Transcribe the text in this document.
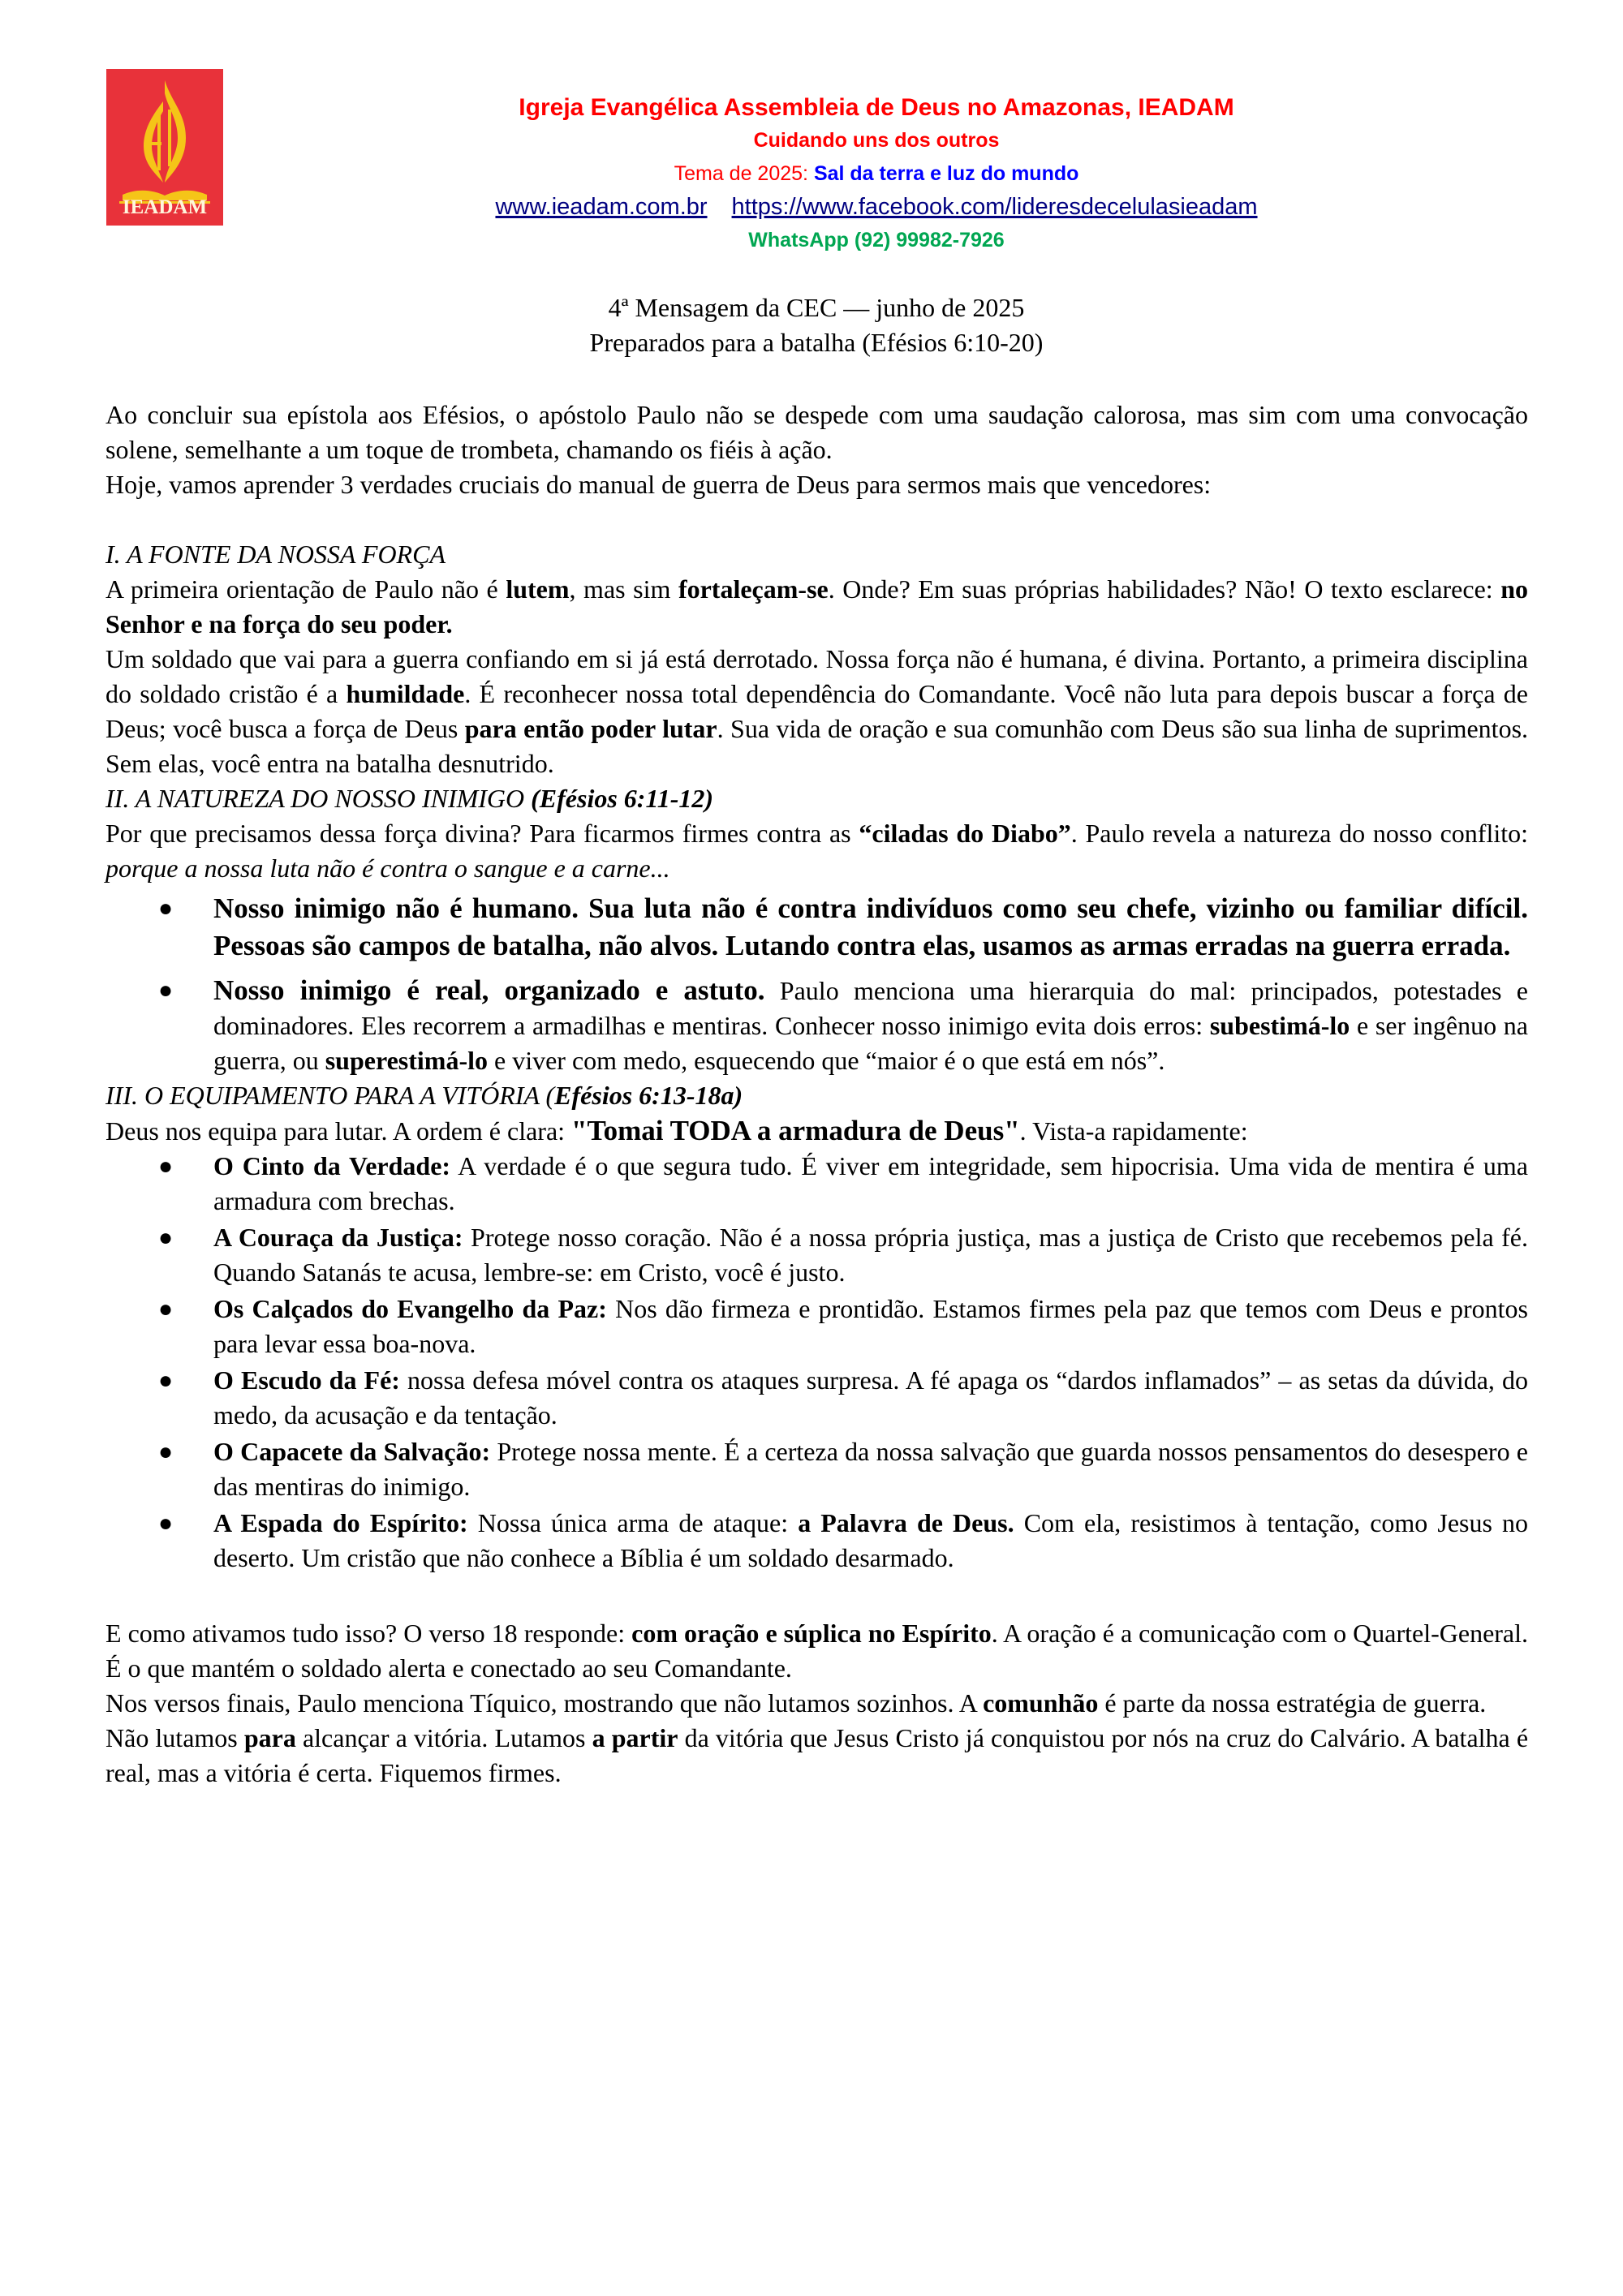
IEADAM
Igreja Evangélica Assembleia de Deus no Amazonas, IEADAM
Cuidando uns dos outros
Tema de 2025: Sal da terra e luz do mundo
www.ieadam.com.br https://www.facebook.com/lideresdecelulasieadam
WhatsApp (92) 99982-7926
4ª Mensagem da CEC — junho de 2025
Preparados para a batalha (Efésios 6:10-20)

Ao concluir sua epístola aos Efésios, o apóstolo Paulo não se despede com uma saudação calorosa, mas sim com uma convocação solene, semelhante a um toque de trombeta, chamando os fiéis à ação.

Hoje, vamos aprender 3 verdades cruciais do manual de guerra de Deus para sermos mais que vencedores:

I. A FONTE DA NOSSA FORÇA

A primeira orientação de Paulo não é lutem, mas sim fortaleçam-se. Onde? Em suas próprias habilidades? Não! O texto esclarece: no Senhor e na força do seu poder.

Um soldado que vai para a guerra confiando em si já está derrotado. Nossa força não é humana, é divina. Portanto, a primeira disciplina do soldado cristão é a humildade. É reconhecer nossa total dependência do Comandante. Você não luta para depois buscar a força de Deus; você busca a força de Deus para então poder lutar. Sua vida de oração e sua comunhão com Deus são sua linha de suprimentos. Sem elas, você entra na batalha desnutrido.

II. A NATUREZA DO NOSSO INIMIGO (Efésios 6:11-12)

Por que precisamos dessa força divina? Para ficarmos firmes contra as “ciladas do Diabo”. Paulo revela a natureza do nosso conflito: porque a nossa luta não é contra o sangue e a carne...

● Nosso inimigo não é humano. Sua luta não é contra indivíduos como seu chefe, vizinho ou familiar difícil. Pessoas são campos de batalha, não alvos. Lutando contra elas, usamos as armas erradas na guerra errada.
● Nosso inimigo é real, organizado e astuto. Paulo menciona uma hierarquia do mal: principados, potestades e dominadores. Eles recorrem a armadilhas e mentiras. Conhecer nosso inimigo evita dois erros: subestimá-lo e ser ingênuo na guerra, ou superestimá-lo e viver com medo, esquecendo que “maior é o que está em nós”.

III. O EQUIPAMENTO PARA A VITÓRIA (Efésios 6:13-18a)

Deus nos equipa para lutar. A ordem é clara: "Tomai TODA a armadura de Deus". Vista-a rapidamente:

● O Cinto da Verdade: A verdade é o que segura tudo. É viver em integridade, sem hipocrisia. Uma vida de mentira é uma armadura com brechas.
● A Couraça da Justiça: Protege nosso coração. Não é a nossa própria justiça, mas a justiça de Cristo que recebemos pela fé. Quando Satanás te acusa, lembre-se: em Cristo, você é justo.
● Os Calçados do Evangelho da Paz: Nos dão firmeza e prontidão. Estamos firmes pela paz que temos com Deus e prontos para levar essa boa-nova.
● O Escudo da Fé: nossa defesa móvel contra os ataques surpresa. A fé apaga os “dardos inflamados” – as setas da dúvida, do medo, da acusação e da tentação.
● O Capacete da Salvação: Protege nossa mente. É a certeza da nossa salvação que guarda nossos pensamentos do desespero e das mentiras do inimigo.
● A Espada do Espírito: Nossa única arma de ataque: a Palavra de Deus. Com ela, resistimos à tentação, como Jesus no deserto. Um cristão que não conhece a Bíblia é um soldado desarmado.

E como ativamos tudo isso? O verso 18 responde: com oração e súplica no Espírito. A oração é a comunicação com o Quartel-General. É o que mantém o soldado alerta e conectado ao seu Comandante.

Nos versos finais, Paulo menciona Tíquico, mostrando que não lutamos sozinhos. A comunhão é parte da nossa estratégia de guerra.

Não lutamos para alcançar a vitória. Lutamos a partir da vitória que Jesus Cristo já conquistou por nós na cruz do Calvário. A batalha é real, mas a vitória é certa. Fiquemos firmes.
